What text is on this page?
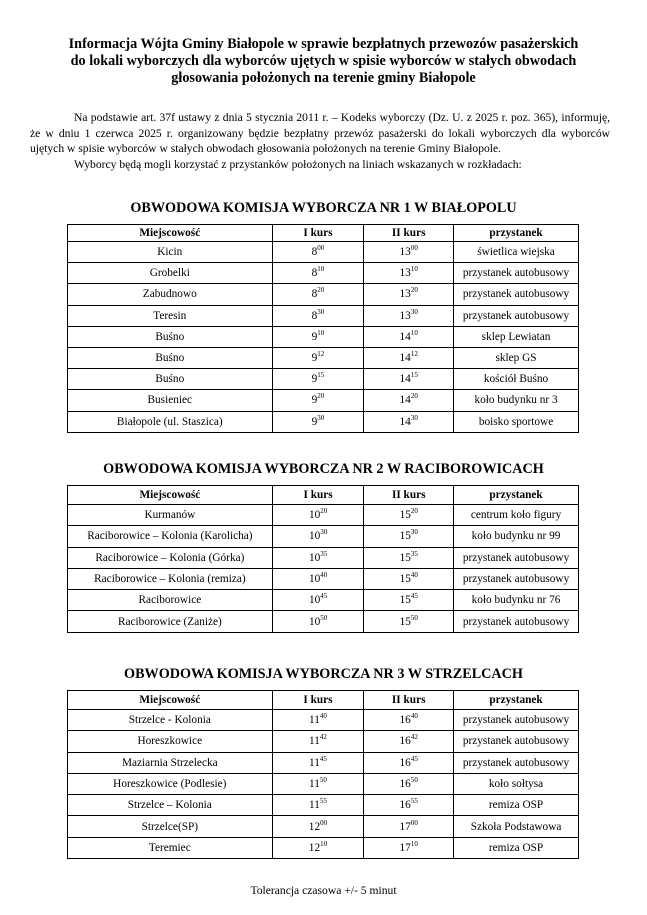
Informacja Wójta Gminy Białopole w sprawie bezpłatnych przewozów pasażerskich
do lokali wyborczych dla wyborców ujętych w spisie wyborców w stałych obwodach
głosowania położonych na terenie gminy Białopole

Na podstawie art. 37f ustawy z dnia 5 stycznia 2011 r. – Kodeks wyborczy (Dz. U. z 2025 r. poz. 365), informuję, że w dniu 1 czerwca 2025 r. organizowany będzie bezpłatny przewóz pasażerski do lokali wyborczych dla wyborców ujętych w spisie wyborców w stałych obwodach głosowania położonych na terenie Gminy Białopole.

Wyborcy będą mogli korzystać z przystanków położonych na liniach wskazanych w rozkładach:

OBWODOWA KOMISJA WYBORCZA NR 1 W BIAŁOPOLU
Miejscowość	I kurs	II kurs	przystanek
Kicin	$8^{00}$	$13^{00}$	świetlica wiejska
Grobelki	$8^{10}$	$13^{10}$	przystanek autobusowy
Zabudnowo	$8^{20}$	$13^{20}$	przystanek autobusowy
Teresin	$8^{30}$	$13^{30}$	przystanek autobusowy
Buśno	$9^{10}$	$14^{10}$	sklep Lewiatan
Buśno	$9^{12}$	$14^{12}$	sklep GS
Buśno	$9^{15}$	$14^{15}$	kościół Buśno
Busieniec	$9^{20}$	$14^{20}$	koło budynku nr 3
Białopole (ul. Staszica)	$9^{30}$	$14^{30}$	boisko sportowe
OBWODOWA KOMISJA WYBORCZA NR 2 W RACIBOROWICACH
Miejscowość	I kurs	II kurs	przystanek
Kurmanów	$10^{20}$	$15^{20}$	centrum koło figury
Raciborowice – Kolonia (Karolicha)	$10^{30}$	$15^{30}$	koło budynku nr 99
Raciborowice – Kolonia (Górka)	$10^{35}$	$15^{35}$	przystanek autobusowy
Raciborowice – Kolonia (remiza)	$10^{40}$	$15^{40}$	przystanek autobusowy
Raciborowice	$10^{45}$	$15^{45}$	koło budynku nr 76
Raciborowice (Zaniże)	$10^{50}$	$15^{50}$	przystanek autobusowy
OBWODOWA KOMISJA WYBORCZA NR 3 W STRZELCACH
Miejscowość	I kurs	II kurs	przystanek
Strzelce - Kolonia	$11^{40}$	$16^{40}$	przystanek autobusowy
Horeszkowice	$11^{42}$	$16^{42}$	przystanek autobusowy
Maziarnia Strzelecka	$11^{45}$	$16^{45}$	przystanek autobusowy
Horeszkowice (Podlesie)	$11^{50}$	$16^{50}$	koło sołtysa
Strzelce – Kolonia	$11^{55}$	$16^{55}$	remiza OSP
Strzelce(SP)	$12^{00}$	$17^{00}$	Szkoła Podstawowa
Teremiec	$12^{10}$	$17^{10}$	remiza OSP
Tolerancja czasowa +/- 5 minut
